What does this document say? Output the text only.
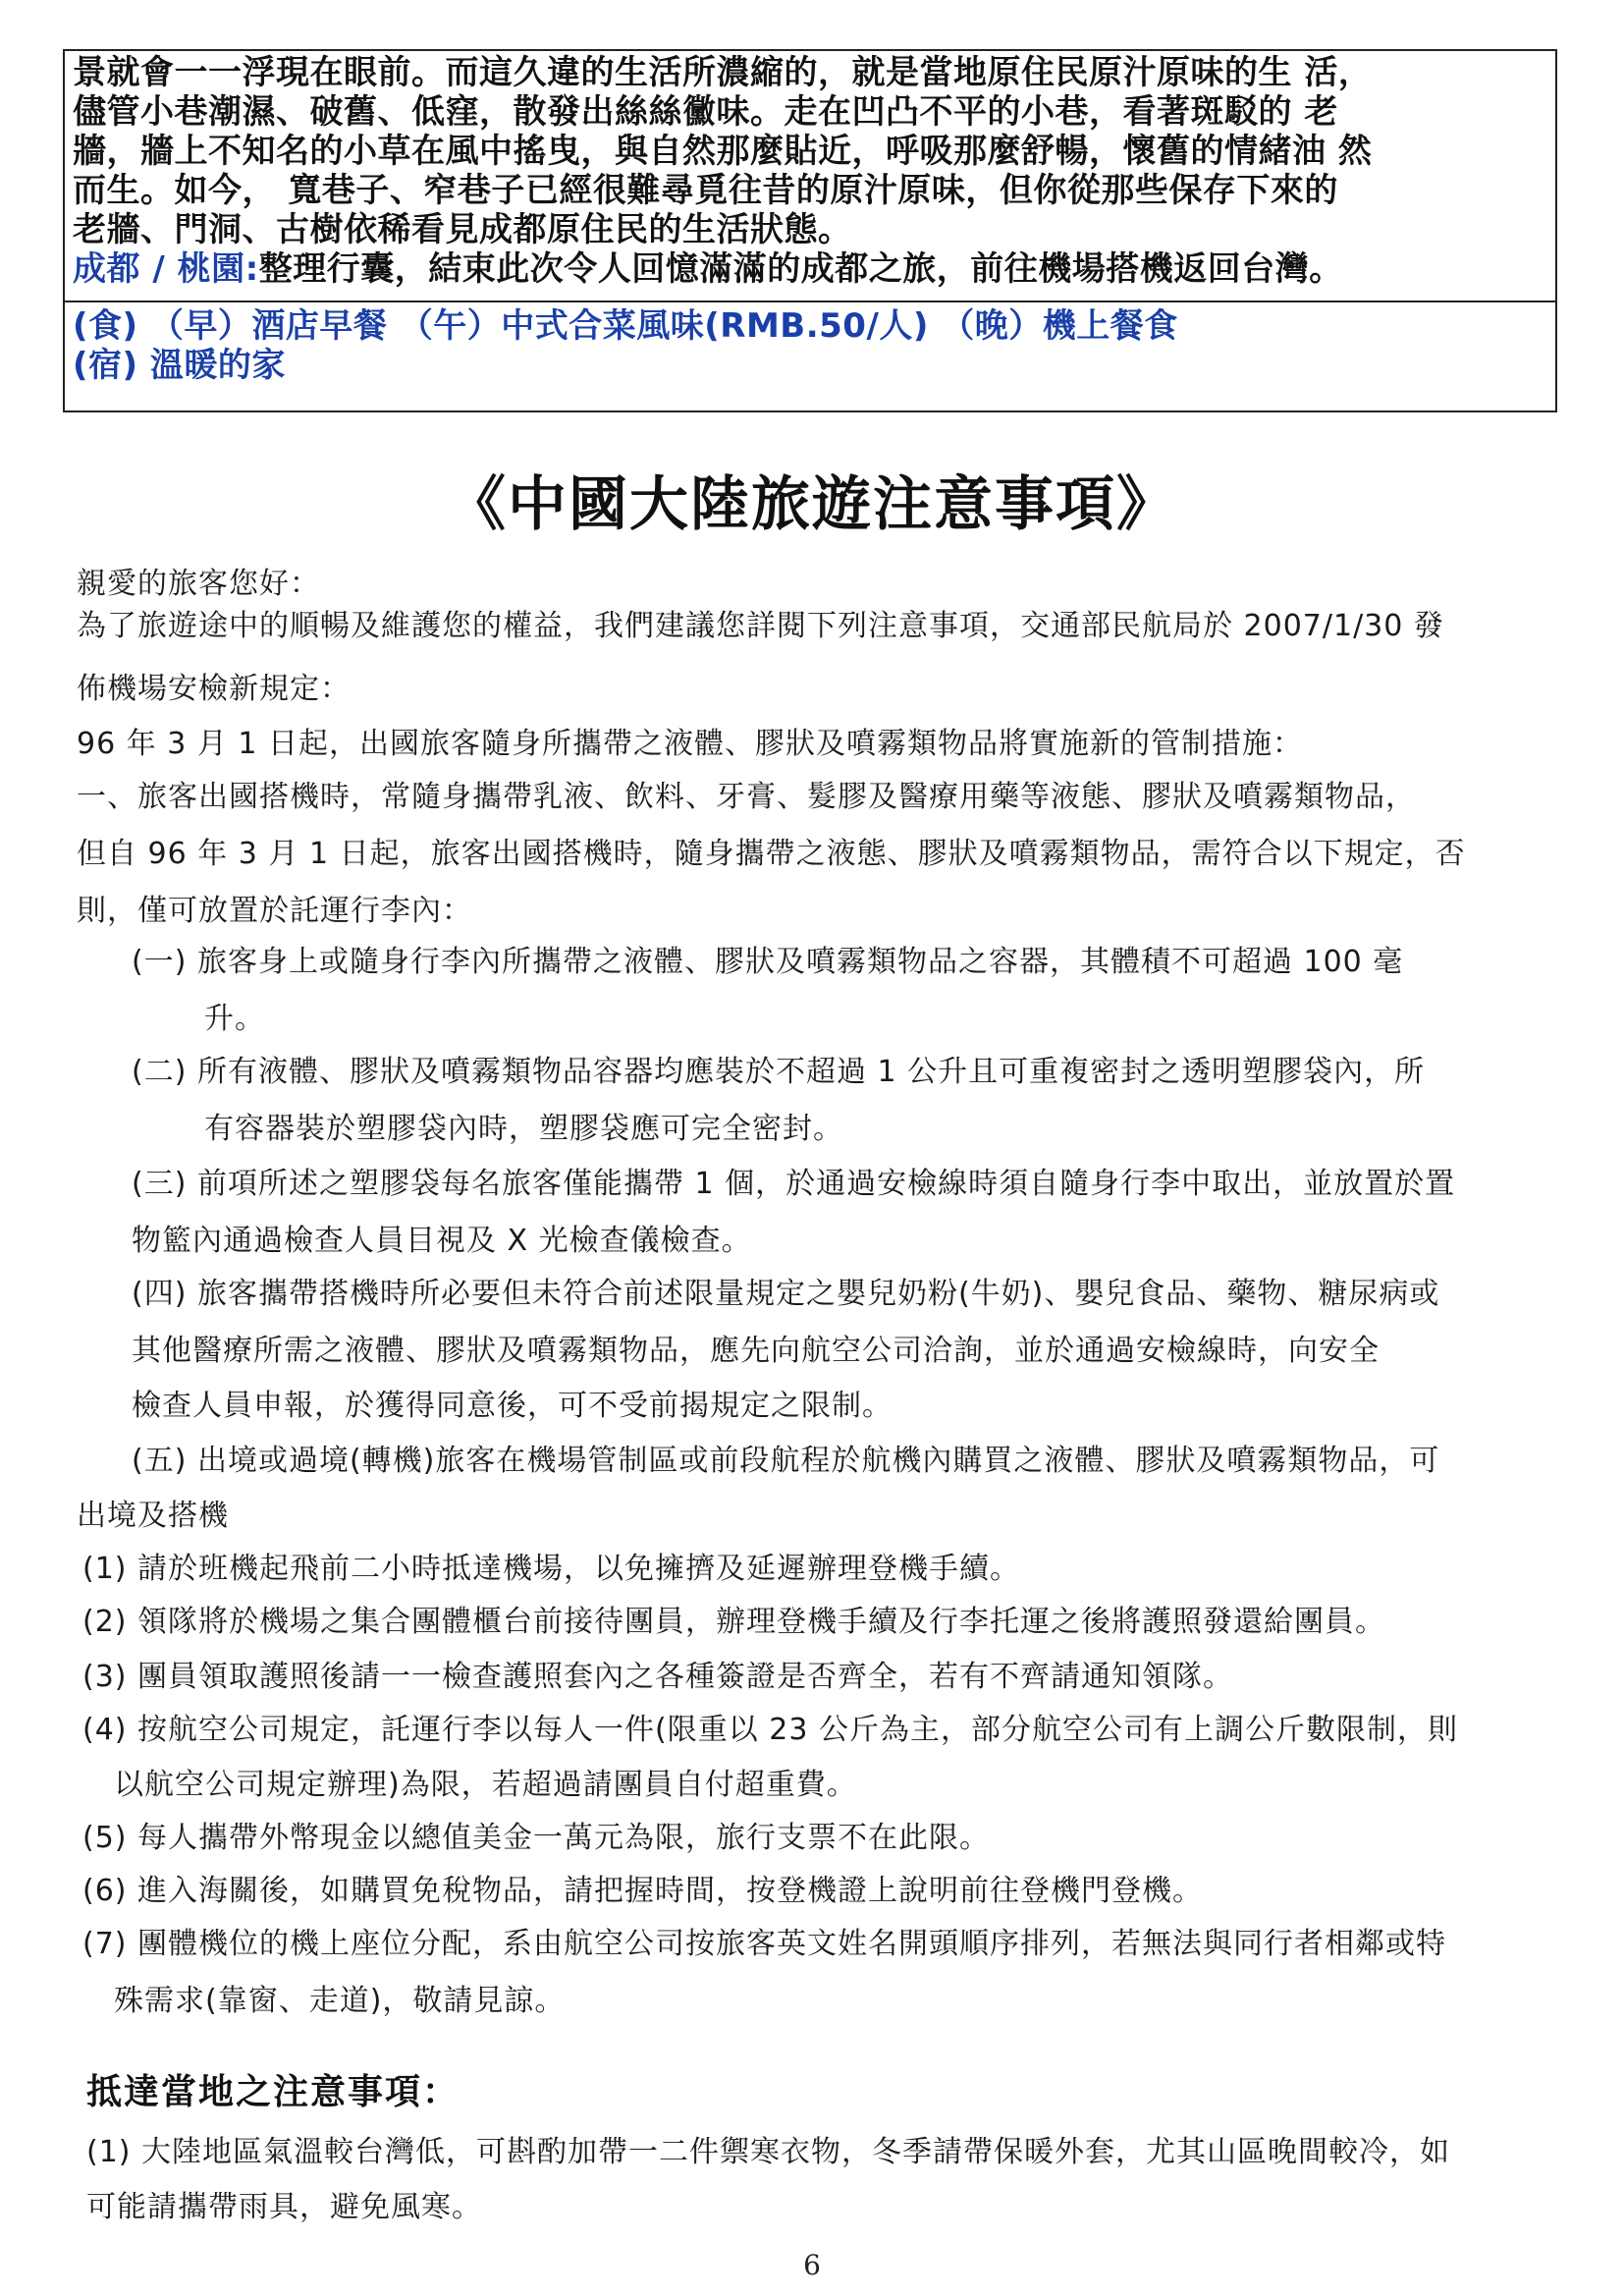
景就會一一浮現在眼前。而這久違的生活所濃縮的，就是當地原住民原汁原味的生 活，
儘管小巷潮濕、破舊、低窪，散發出絲絲黴味。走在凹凸不平的小巷，看著斑駁的 老
牆，牆上不知名的小草在風中搖曳，與自然那麼貼近，呼吸那麼舒暢，懷舊的情緒油 然
而生。如今， 寬巷子、窄巷子已經很難尋覓往昔的原汁原味，但你從那些保存下來的
老牆、門洞、古樹依稀看見成都原住民的生活狀態。
成都 / 桃園:整理行囊，結束此次令人回憶滿滿的成都之旅，前往機場搭機返回台灣。
(食) （早）酒店早餐 （午）中式合菜風味(RMB.50/人) （晚）機上餐食
(宿) 溫暖的家
《中國大陸旅遊注意事項》
親愛的旅客您好：
為了旅遊途中的順暢及維護您的權益，我們建議您詳閱下列注意事項，交通部民航局於 2007/1/30 發
佈機場安檢新規定：
96 年 3 月 1 日起，出國旅客隨身所攜帶之液體、膠狀及噴霧類物品將實施新的管制措施：
一、旅客出國搭機時，常隨身攜帶乳液、飲料、牙膏、髮膠及醫療用藥等液態、膠狀及噴霧類物品，
但自 96 年 3 月 1 日起，旅客出國搭機時，隨身攜帶之液態、膠狀及噴霧類物品，需符合以下規定，否
則，僅可放置於託運行李內：
(一) 旅客身上或隨身行李內所攜帶之液體、膠狀及噴霧類物品之容器，其體積不可超過 100 毫
升。
(二) 所有液體、膠狀及噴霧類物品容器均應裝於不超過 1 公升且可重複密封之透明塑膠袋內，所
有容器裝於塑膠袋內時，塑膠袋應可完全密封。
(三) 前項所述之塑膠袋每名旅客僅能攜帶 1 個，於通過安檢線時須自隨身行李中取出，並放置於置
物籃內通過檢查人員目視及 X 光檢查儀檢查。
(四) 旅客攜帶搭機時所必要但未符合前述限量規定之嬰兒奶粉(牛奶)、嬰兒食品、藥物、糖尿病或
其他醫療所需之液體、膠狀及噴霧類物品，應先向航空公司洽詢，並於通過安檢線時，向安全
檢查人員申報，於獲得同意後，可不受前揭規定之限制。
(五) 出境或過境(轉機)旅客在機場管制區或前段航程於航機內購買之液體、膠狀及噴霧類物品，可
出境及搭機
(1) 請於班機起飛前二小時抵達機場，以免擁擠及延遲辦理登機手續。
(2) 領隊將於機場之集合團體櫃台前接待團員，辦理登機手續及行李托運之後將護照發還給團員。
(3) 團員領取護照後請一一檢查護照套內之各種簽證是否齊全，若有不齊請通知領隊。
(4) 按航空公司規定，託運行李以每人一件(限重以 23 公斤為主，部分航空公司有上調公斤數限制，則
以航空公司規定辦理)為限，若超過請團員自付超重費。
(5) 每人攜帶外幣現金以總值美金一萬元為限，旅行支票不在此限。
(6) 進入海關後，如購買免稅物品，請把握時間，按登機證上說明前往登機門登機。
(7) 團體機位的機上座位分配，系由航空公司按旅客英文姓名開頭順序排列，若無法與同行者相鄰或特
殊需求(靠窗、走道)，敬請見諒。
抵達當地之注意事項：
(1) 大陸地區氣溫較台灣低，可斟酌加帶一二件禦寒衣物，冬季請帶保暖外套，尤其山區晚間較冷，如
可能請攜帶雨具，避免風寒。
6
